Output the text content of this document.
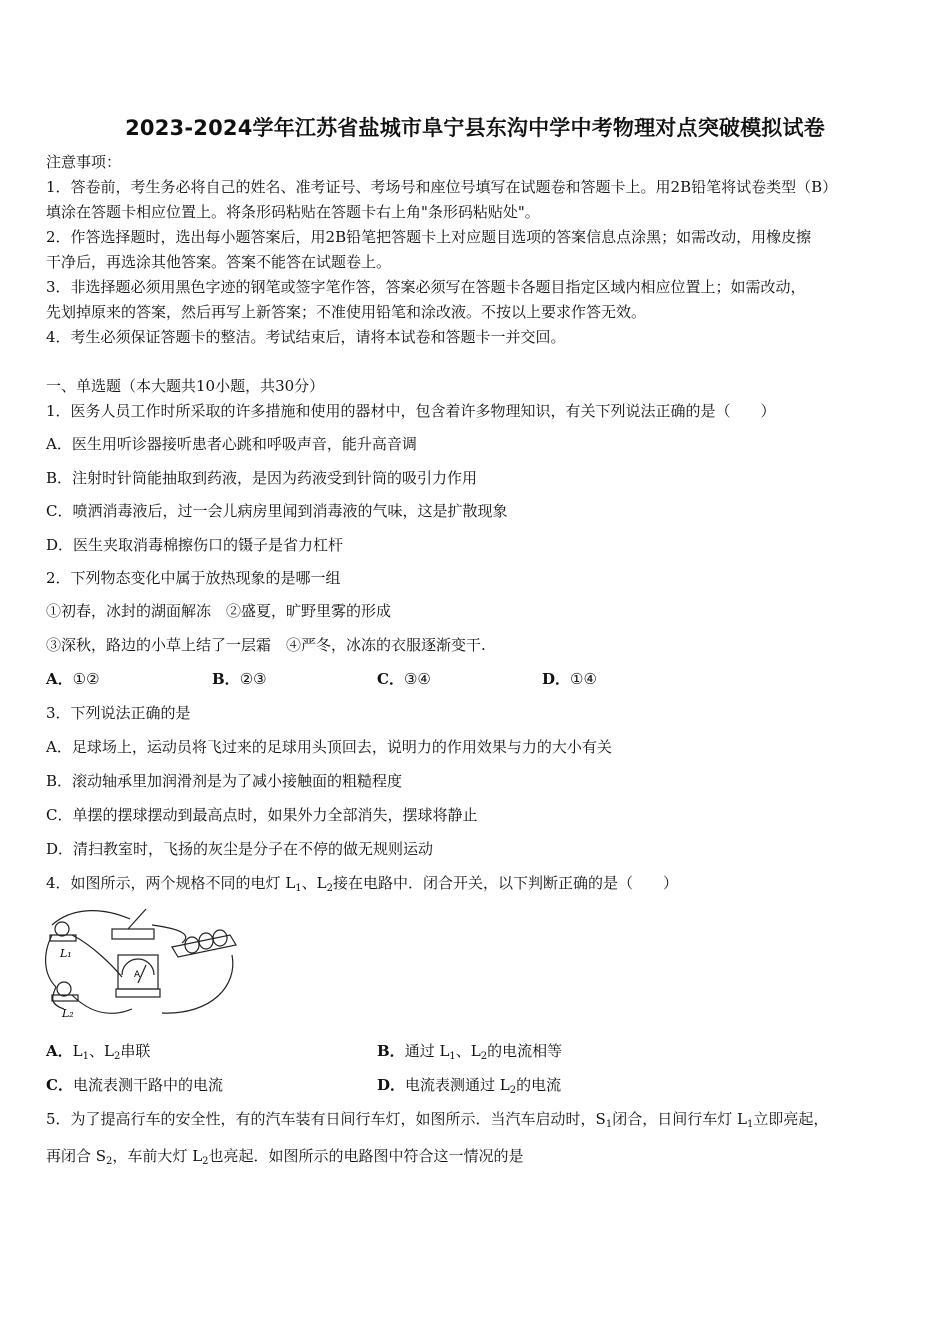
2023-2024学年江苏省盐城市阜宁县东沟中学中考物理对点突破模拟试卷
注意事项：
1．答卷前，考生务必将自己的姓名、准考证号、考场号和座位号填写在试题卷和答题卡上。用2B铅笔将试卷类型（B）
填涂在答题卡相应位置上。将条形码粘贴在答题卡右上角"条形码粘贴处"。
2．作答选择题时，选出每小题答案后，用2B铅笔把答题卡上对应题目选项的答案信息点涂黑；如需改动，用橡皮擦
干净后，再选涂其他答案。答案不能答在试题卷上。
3．非选择题必须用黑色字迹的钢笔或签字笔作答，答案必须写在答题卡各题目指定区域内相应位置上；如需改动，
先划掉原来的答案，然后再写上新答案；不准使用铅笔和涂改液。不按以上要求作答无效。
4．考生必须保证答题卡的整洁。考试结束后，请将本试卷和答题卡一并交回。
一、单选题（本大题共10小题，共30分）
1．医务人员工作时所采取的许多措施和使用的器材中，包含着许多物理知识，有关下列说法正确的是（　　）
A．医生用听诊器接听患者心跳和呼吸声音，能升高音调
B．注射时针筒能抽取到药液，是因为药液受到针筒的吸引力作用
C．喷洒消毒液后，过一会儿病房里闻到消毒液的气味，这是扩散现象
D．医生夹取消毒棉擦伤口的镊子是省力杠杆
2．下列物态变化中属于放热现象的是哪一组
①初春，冰封的湖面解冻　②盛夏，旷野里雾的形成
③深秋，路边的小草上结了一层霜　④严冬，冰冻的衣服逐渐变干.
A．①②	B．②③	C．③④	D．①④
3．下列说法正确的是
A．足球场上，运动员将飞过来的足球用头顶回去，说明力的作用效果与力的大小有关
B．滚动轴承里加润滑剂是为了减小接触面的粗糙程度
C．单摆的摆球摆动到最高点时，如果外力全部消失，摆球将静止
D．清扫教室时，飞扬的灰尘是分子在不停的做无规则运动
4．如图所示，两个规格不同的电灯 $L_1$、$L_2$接在电路中．闭合开关，以下判断正确的是（　　）
L₁
L₂
A
A．$L_1$、$L_2$串联	B．通过 $L_1$、$L_2$的电流相等
C．电流表测干路中的电流	D．电流表测通过 $L_2$的电流
5．为了提高行车的安全性，有的汽车装有日间行车灯，如图所示．当汽车启动时，$S_1$闭合，日间行车灯 $L_1$立即亮起，
再闭合 $S_2$，车前大灯 $L_2$也亮起．如图所示的电路图中符合这一情况的是
